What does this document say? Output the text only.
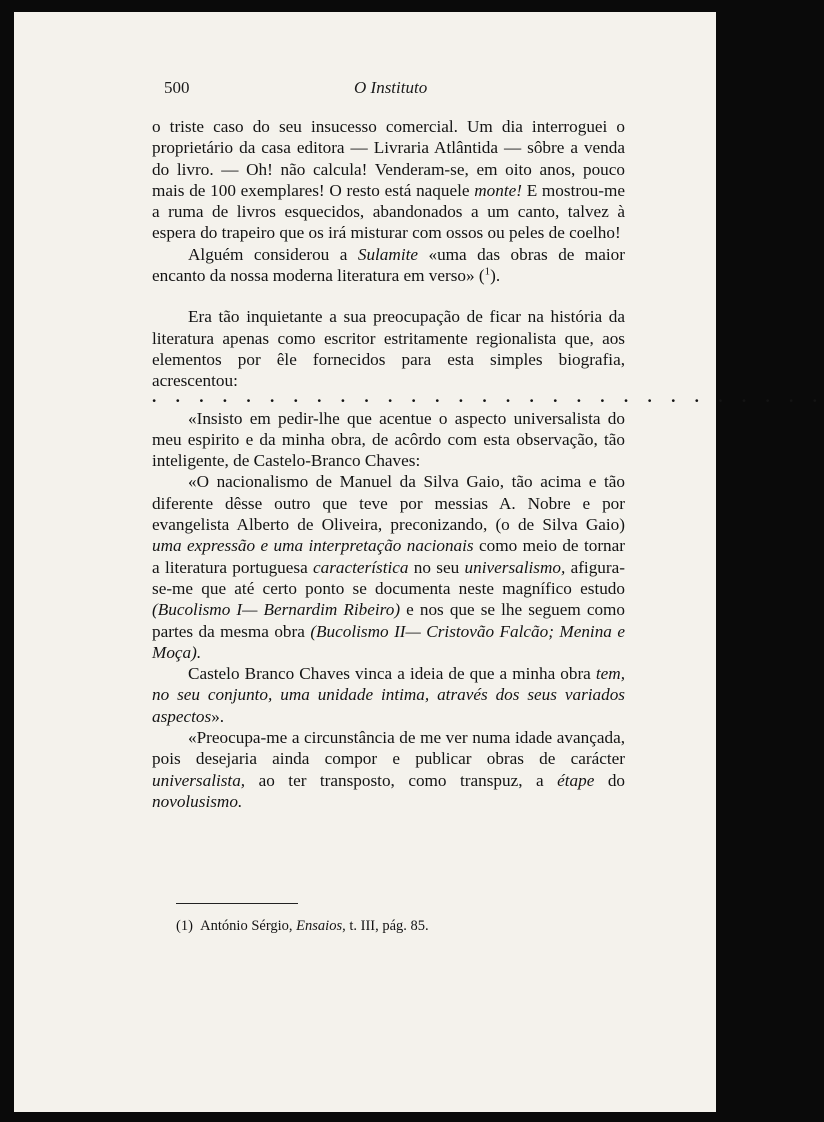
500	O Instituto

o triste caso do seu insucesso comercial. Um dia interroguei o proprietário da casa editora — Livraria Atlântida — sôbre a venda do livro. — Oh! não calcula! Venderam-se, em oito anos, pouco mais de 100 exemplares! O resto está naquele monte! E mostrou-me a ruma de livros esquecidos, abandonados a um canto, talvez à espera do trapeiro que os irá misturar com ossos ou peles de coelho!

Alguém considerou a Sulamite «uma das obras de maior encanto da nossa moderna literatura em verso» ($^1$).

Era tão inquietante a sua preocupação de ficar na história da literatura apenas como escritor estritamente regionalista que, aos elementos por êle fornecidos para esta simples biografia, acrescentou:

. . . . . . . . . . . . . . . . . . . . . . . . . . . . .

«Insisto em pedir-lhe que acentue o aspecto universalista do meu espirito e da minha obra, de acôrdo com esta observação, tão inteligente, de Castelo-Branco Chaves:

«O nacionalismo de Manuel da Silva Gaio, tão acima e tão diferente dêsse outro que teve por messias A. Nobre e por evangelista Alberto de Oliveira, preconizando, (o de Silva Gaio) uma expressão e uma interpretação nacionais como meio de tornar a literatura portuguesa característica no seu universalismo, afigura-se-me que até certo ponto se documenta neste magnífico estudo (Bucolismo I— Bernardim Ribeiro) e nos que se lhe seguem como partes da mesma obra (Bucolismo II— Cristovão Falcão; Menina e Moça).

Castelo Branco Chaves vinca a ideia de que a minha obra tem, no seu conjunto, uma unidade intima, através dos seus variados aspectos».

«Preocupa-me a circunstância de me ver numa idade avançada, pois desejaria ainda compor e publicar obras de carácter universalista, ao ter transposto, como transpuz, a étape do novolusismo.

(1) António Sérgio, Ensaios, t. III, pág. 85.
